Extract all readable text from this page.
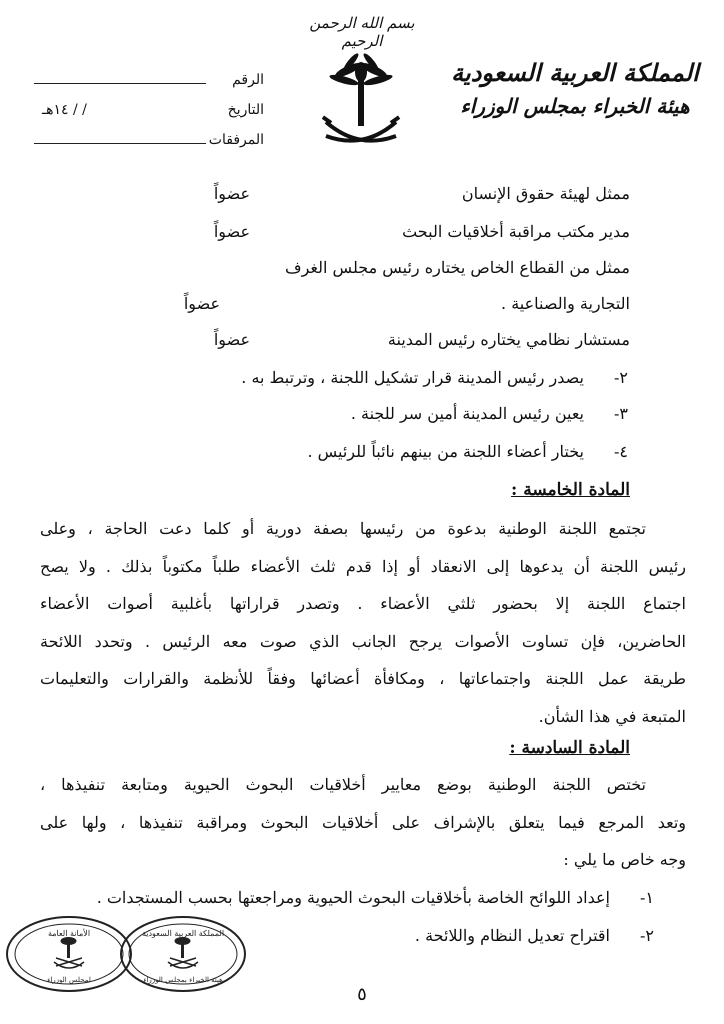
بسم الله الرحمن الرحيم
المملكة العربية السعودية
هيئة الخبراء بمجلس الوزراء
الرقم
التاريخ
/ / ١٤هـ
المرفقات
ممثل لهيئة حقوق الإنسان
عضواً
مدير مكتب مراقبة أخلاقيات البحث
عضواً
ممثل من القطاع الخاص يختاره رئيس مجلس الغرف
التجارية والصناعية .
عضواً
مستشار نظامي يختاره رئيس المدينة
عضواً
٢-
يصدر رئيس المدينة قرار تشكيل اللجنة ، وترتبط به .
٣-
يعين رئيس المدينة أمين سر للجنة .
٤-
يختار أعضاء اللجنة من بينهم نائباً للرئيس .
المادة الخامسة :
تجتمع اللجنة الوطنية بدعوة من رئيسها بصفة دورية أو كلما دعت الحاجة ، وعلى
رئيس اللجنة أن يدعوها إلى الانعقاد أو إذا قدم ثلث الأعضاء طلباً مكتوباً بذلك . ولا يصح
اجتماع اللجنة إلا بحضور ثلثي الأعضاء . وتصدر قراراتها بأغلبية أصوات الأعضاء
الحاضرين، فإن تساوت الأصوات يرجح الجانب الذي صوت معه الرئيس . وتحدد اللائحة
طريقة عمل اللجنة واجتماعاتها ، ومكافأة أعضائها وفقاً للأنظمة والقرارات والتعليمات
المتبعة في هذا الشأن.
المادة السادسة :
تختص اللجنة الوطنية بوضع معايير أخلاقيات البحوث الحيوية ومتابعة تنفيذها ،
وتعد المرجع فيما يتعلق بالإشراف على أخلاقيات البحوث ومراقبة تنفيذها ، ولها على
وجه خاص ما يلي :
١-
إعداد اللوائح الخاصة بأخلاقيات البحوث الحيوية ومراجعتها بحسب المستجدات .
٢-
اقتراح تعديل النظام واللائحة .
الأمانة العامة
لمجلس الوزراء
المملكة العربية السعودية
هيئة الخبراء بمجلس الوزراء
٥
